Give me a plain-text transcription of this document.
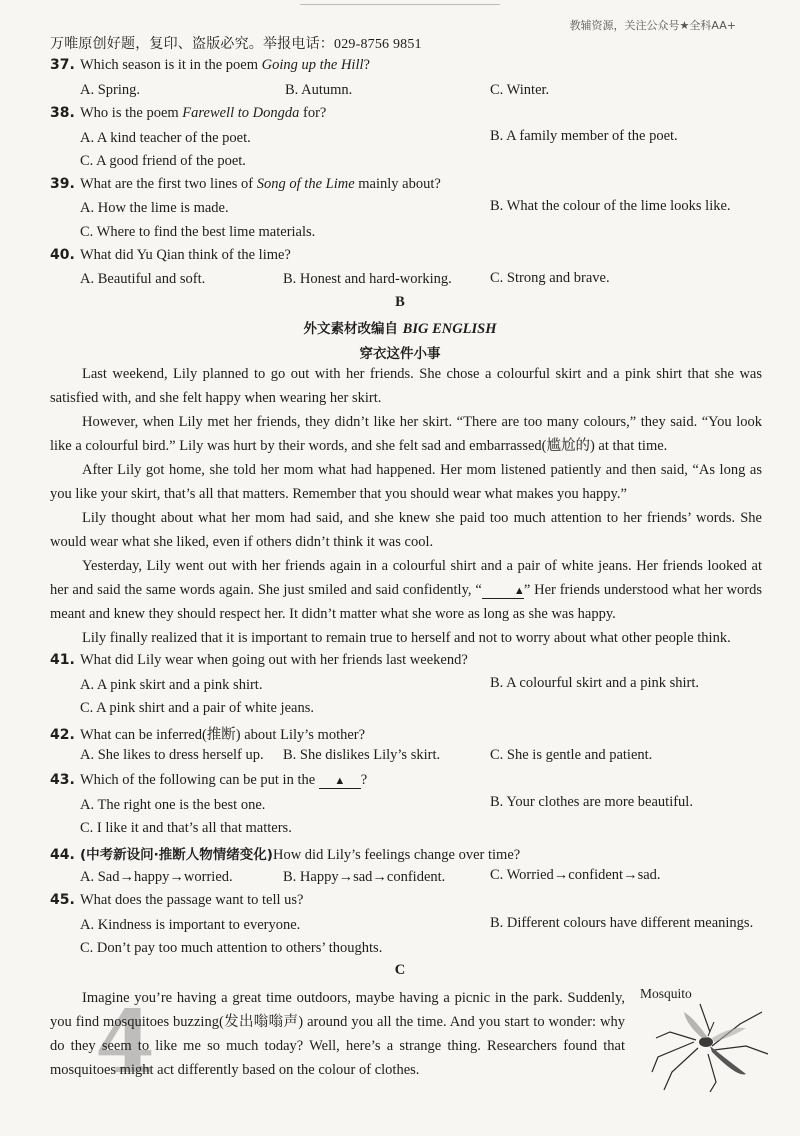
万唯原创好题，复印、盗版必究。举报电话：029-8756 9851
教辅资源，关注公众号★全科AA+
37. Which season is it in the poem Going up the Hill?
A. Spring.	B. Autumn.	C. Winter.
38. Who is the poem Farewell to Dongda for?
A. A kind teacher of the poet.	B. A family member of the poet.
C. A good friend of the poet.
39. What are the first two lines of Song of the Lime mainly about?
A. How the lime is made.	B. What the colour of the lime looks like.
C. Where to find the best lime materials.
40. What did Yu Qian think of the lime?
A. Beautiful and soft.	B. Honest and hard-working.	C. Strong and brave.
B
外文素材改编自 BIG ENGLISH
穿衣这件小事

Last weekend, Lily planned to go out with her friends. She chose a colourful skirt and a pink shirt that she was satisfied with, and she felt happy when wearing her skirt.

However, when Lily met her friends, they didn’t like her skirt. “There are too many colours,” they said. “You look like a colourful bird.” Lily was hurt by their words, and she felt sad and embarrassed(尴尬的) at that time.

After Lily got home, she told her mom what had happened. Her mom listened patiently and then said, “As long as you like your skirt, that’s all that matters. Remember that you should wear what makes you happy.”

Lily thought about what her mom had said, and she knew she paid too much attention to her friends’ words. She would wear what she liked, even if others didn’t think it was cool.

Yesterday, Lily went out with her friends again in a colourful shirt and a pair of white jeans. Her friends looked at her and said the same words again. She just smiled and said confidently, “	▲” Her friends understood what her words meant and knew they should respect her. It didn’t matter what she wore as long as she was happy.

Lily finally realized that it is important to remain true to herself and not to worry about what other people think.

41. What did Lily wear when going out with her friends last weekend?
A. A pink skirt and a pink shirt.	B. A colourful skirt and a pink shirt.
C. A pink shirt and a pair of white jeans.
42. What can be inferred(推断) about Lily’s mother?
A. She likes to dress herself up. B. She dislikes Lily’s skirt.	C. She is gentle and patient.
43. Which of the following can be put in the ▲ ?
A. The right one is the best one.	B. Your clothes are more beautiful.
C. I like it and that’s all that matters.
44. (中考新设问·推断人物情绪变化)How did Lily’s feelings change over time?
A. Sad→happy→worried.	B. Happy→sad→confident.	C. Worried→confident→sad.
45. What does the passage want to tell us?
A. Kindness is important to everyone.	B. Different colours have different meanings.
C. Don’t pay too much attention to others’ thoughts.
C
4

Imagine you’re having a great time outdoors, maybe having a picnic in the park. Suddenly, you find mosquitoes buzzing(发出嗡嗡声) around you all the time. And you start to wonder: why do they seem to like me so much today? Well, here’s a strange thing. Researchers found that mosquitoes might act differently based on the colour of clothes.

Mosquito
